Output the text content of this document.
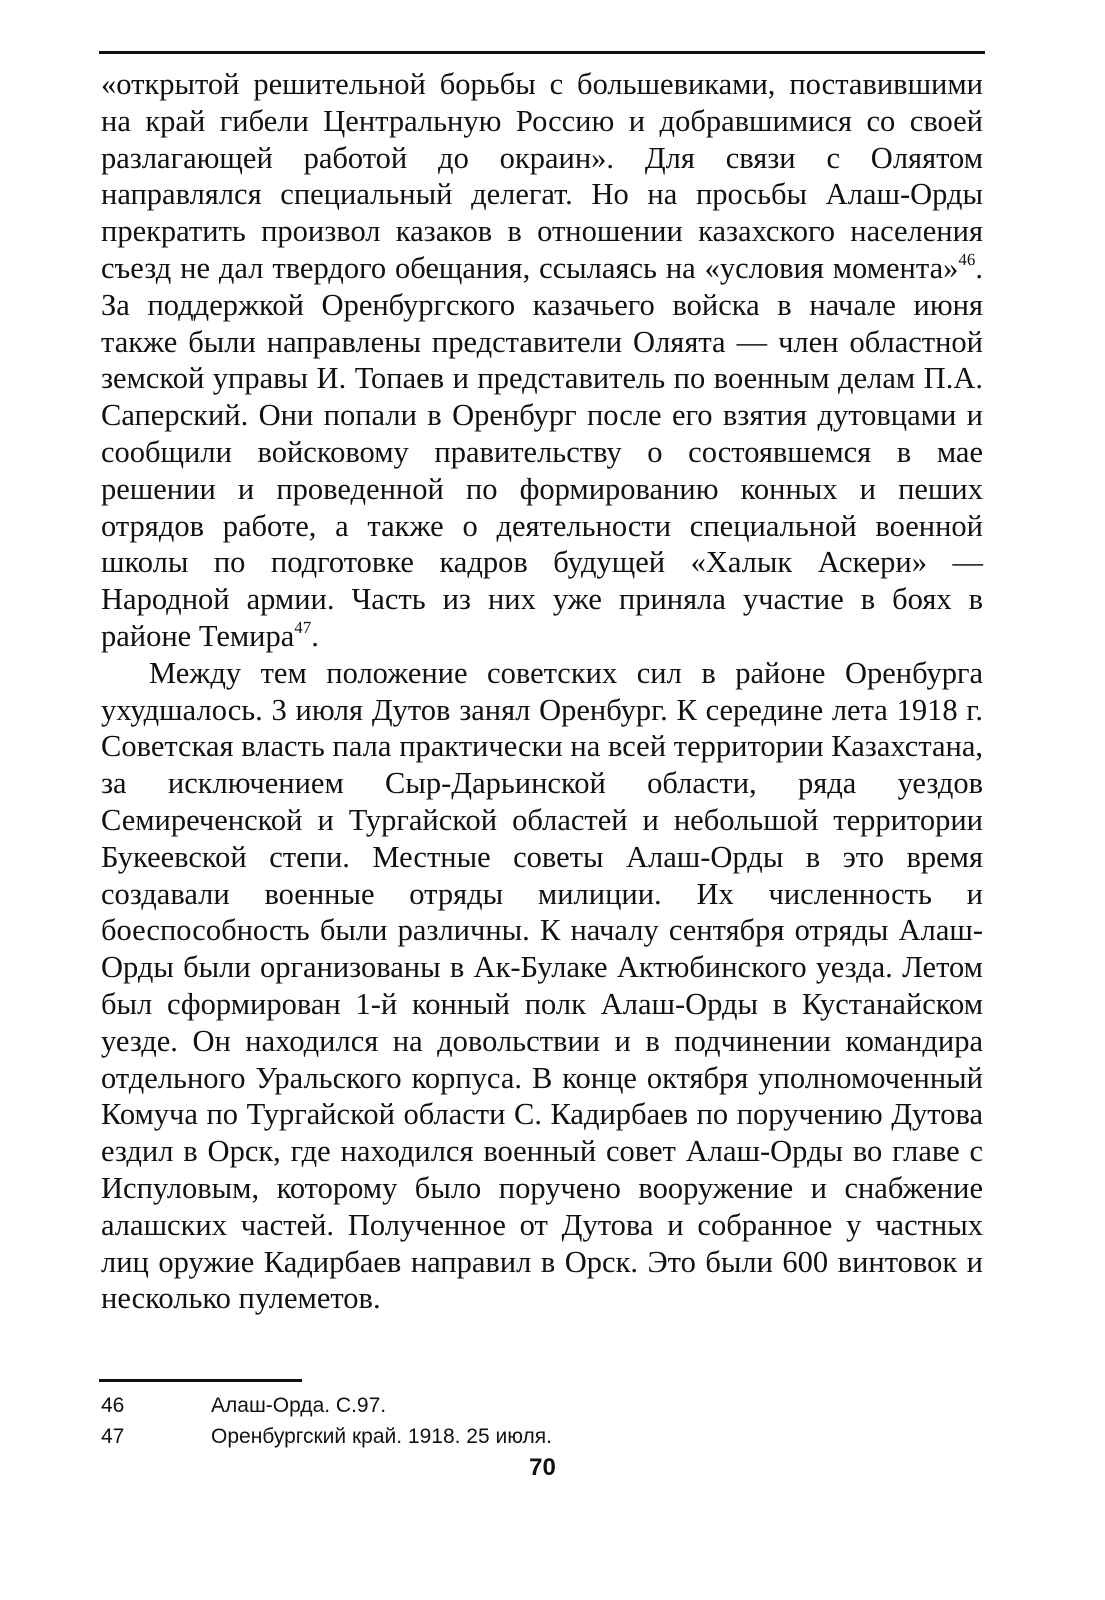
«открытой решительной борьбы с большевиками, поставившими на край гибели Центральную Россию и добравшимися со своей разлагающей работой до окраин». Для связи с Оляятом направлялся специальный делегат. Но на просьбы Алаш-Орды прекратить произвол казаков в отношении казахского населения съезд не дал твердого обещания, ссылаясь на «условия момента»$^{46}$. За поддержкой Оренбургского казачьего войска в начале июня также были направлены представители Оляята — член областной земской управы И. Топаев и представитель по военным делам П.А. Саперский. Они попали в Оренбург после его взятия дутовцами и сообщили войсковому правительству о состоявшемся в мае решении и проведенной по формированию конных и пеших отрядов работе, а также о деятельности специальной военной школы по подготовке кадров будущей «Халык Аскери» — Народной армии. Часть из них уже приняла участие в боях в районе Темира$^{47}$.

Между тем положение советских сил в районе Оренбурга ухудшалось. 3 июля Дутов занял Оренбург. К середине лета 1918 г. Советская власть пала практически на всей территории Казахстана, за исключением Сыр-Дарьинской области, ряда уездов Семиреченской и Тургайской областей и небольшой территории Букеевской степи. Местные советы Алаш-Орды в это время создавали военные отряды милиции. Их численность и боеспособность были различны. К началу сентября отряды Алаш-Орды были организованы в Ак-Булаке Актюбинского уезда. Летом был сформирован 1-й конный полк Алаш-Орды в Кустанайском уезде. Он находился на довольствии и в подчинении командира отдельного Уральского корпуса. В конце октября уполномоченный Комуча по Тургайской области С. Кадирбаев по поручению Дутова ездил в Орск, где находился военный совет Алаш-Орды во главе с Испуловым, которому было поручено вооружение и снабжение алашских частей. Полученное от Дутова и собранное у частных лиц оружие Кадирбаев направил в Орск. Это были 600 винтовок и несколько пулеметов.

46	Алаш-Орда. С.97.
47	Оренбургский край. 1918. 25 июля.
70
